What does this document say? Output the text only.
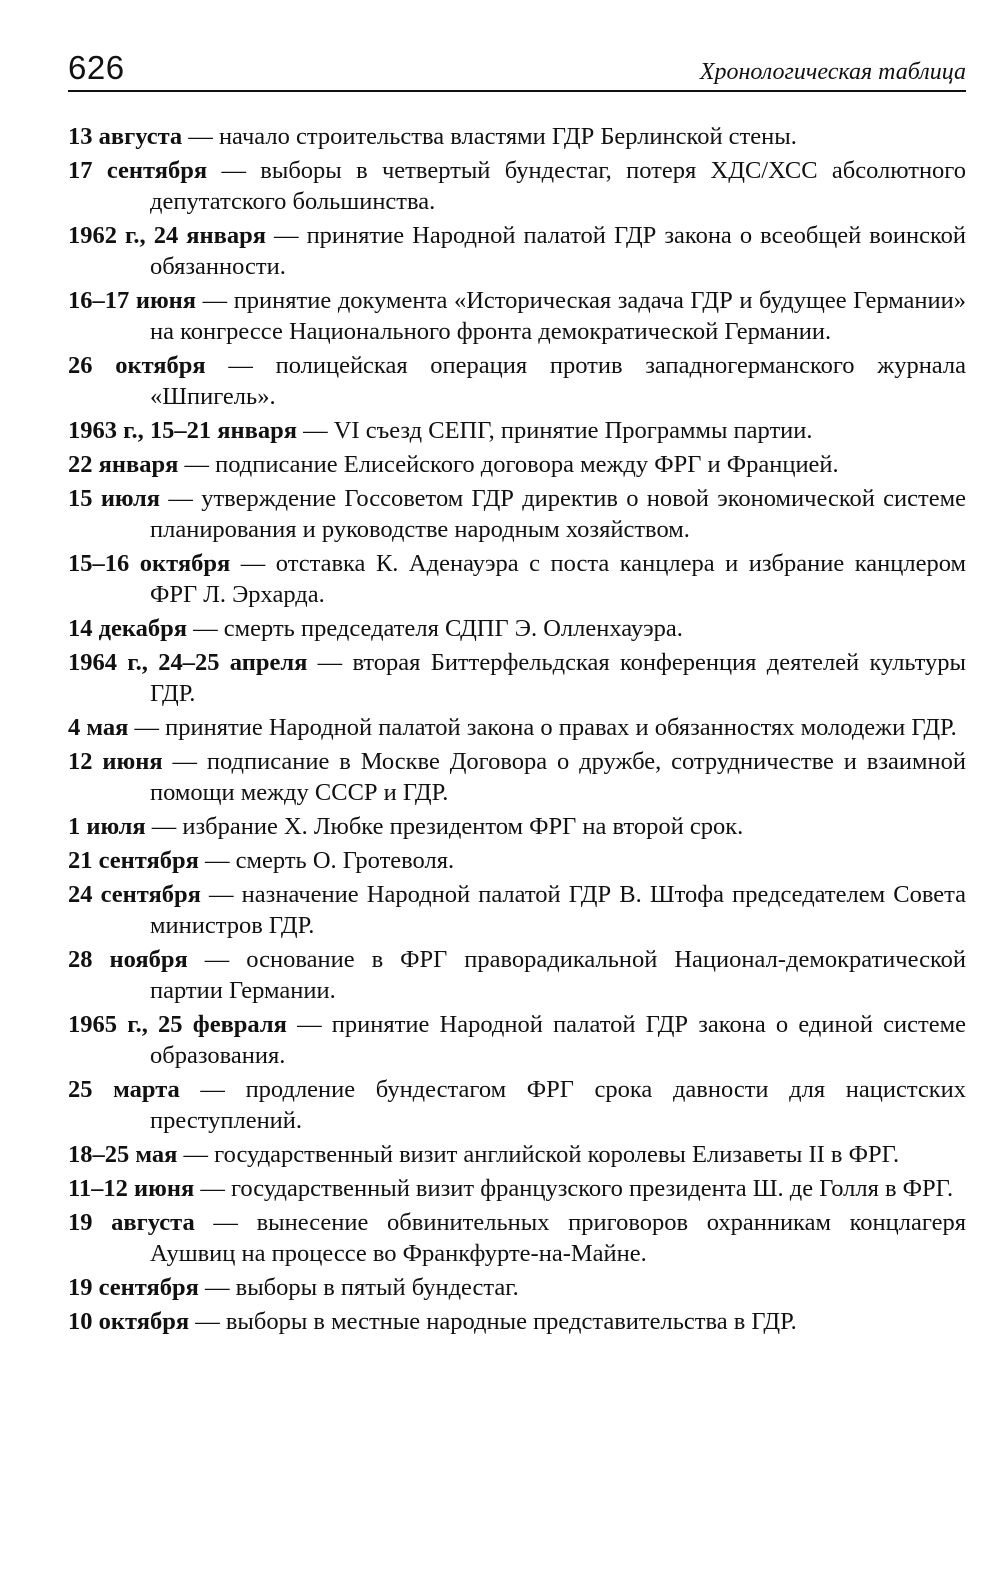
626	Хронологическая таблица

13 августа — начало строительства властями ГДР Берлинской стены.

17 сентября — выборы в четвертый бундестаг, потеря ХДС/ХСС абсолютного депутатского большинства.

1962 г., 24 января — принятие Народной палатой ГДР закона о всеобщей воинской обязанности.

16–17 июня — принятие документа «Историческая задача ГДР и будущее Германии» на конгрессе Национального фронта демократической Германии.

26 октября — полицейская операция против западногерманского журнала «Шпигель».

1963 г., 15–21 января — VI съезд СЕПГ, принятие Программы партии.

22 января — подписание Елисейского договора между ФРГ и Францией.

15 июля — утверждение Госсоветом ГДР директив о новой экономической системе планирования и руководстве народным хозяйством.

15–16 октября — отставка К. Аденауэра с поста канцлера и избрание канцлером ФРГ Л. Эрхарда.

14 декабря — смерть председателя СДПГ Э. Олленхауэра.

1964 г., 24–25 апреля — вторая Биттерфельдская конференция деятелей культуры ГДР.

4 мая — принятие Народной палатой закона о правах и обязанностях молодежи ГДР.

12 июня — подписание в Москве Договора о дружбе, сотрудничестве и взаимной помощи между СССР и ГДР.

1 июля — избрание Х. Любке президентом ФРГ на второй срок.

21 сентября — смерть О. Гротеволя.

24 сентября — назначение Народной палатой ГДР В. Штофа председателем Совета министров ГДР.

28 ноября — основание в ФРГ праворадикальной Национал-демократической партии Германии.

1965 г., 25 февраля — принятие Народной палатой ГДР закона о единой системе образования.

25 марта — продление бундестагом ФРГ срока давности для нацистских преступлений.

18–25 мая — государственный визит английской королевы Елизаветы II в ФРГ.

11–12 июня — государственный визит французского президента Ш. де Голля в ФРГ.

19 августа — вынесение обвинительных приговоров охранникам концлагеря Аушвиц на процессе во Франкфурте-на-Майне.

19 сентября — выборы в пятый бундестаг.

10 октября — выборы в местные народные представительства в ГДР.
